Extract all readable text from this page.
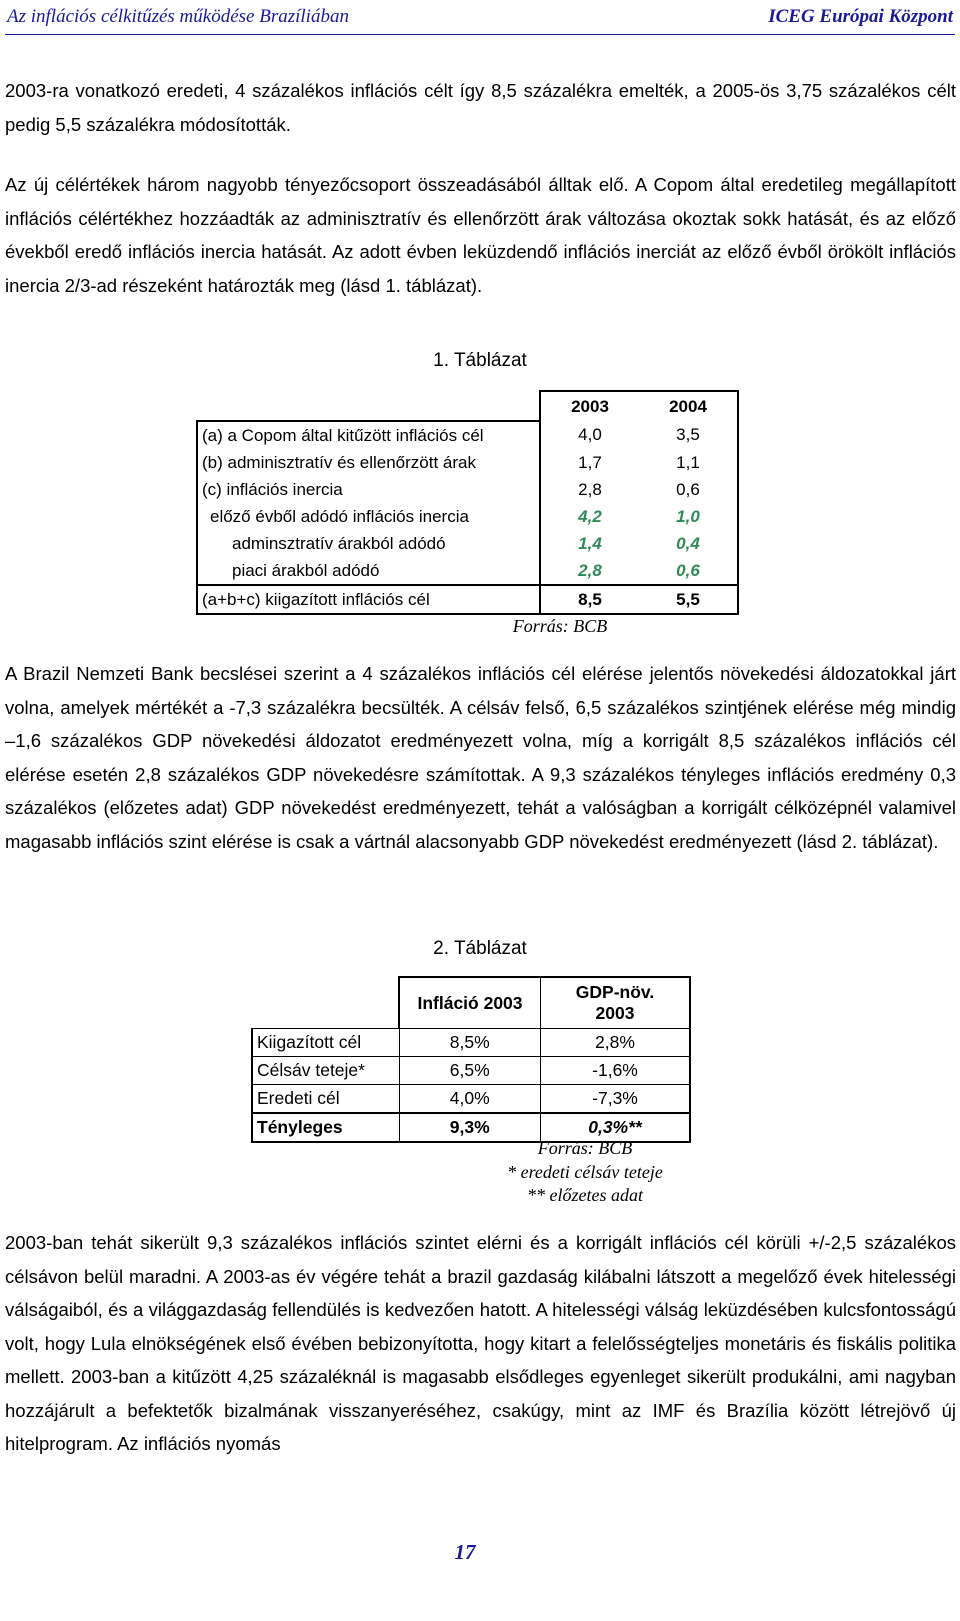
Az inflációs célkitűzés működése Brazíliában	ICEG Európai Központ

2003-ra vonatkozó eredeti, 4 százalékos inflációs célt így 8,5 százalékra emelték, a 2005-ös 3,75 százalékos célt pedig 5,5 százalékra módosították.

Az új célértékek három nagyobb tényezőcsoport összeadásából álltak elő. A Copom által eredetileg megállapított inflációs célértékhez hozzáadták az adminisztratív és ellenőrzött árak változása okoztak sokk hatását, és az előző évekből eredő inflációs inercia hatását. Az adott évben leküzdendő inflációs inerciát az előző évből örökölt inflációs inercia 2/3-ad részeként határozták meg (lásd 1. táblázat).

1. Táblázat
	2003	2004
(a) a Copom által kitűzött inflációs cél	4,0	3,5
(b) adminisztratív és ellenőrzött árak	1,7	1,1
(c) inflációs inercia	2,8	0,6
előző évből adódó inflációs inercia	4,2	1,0
adminsztratív árakból adódó	1,4	0,4
piaci árakból adódó	2,8	0,6
(a+b+c) kiigazított inflációs cél	8,5	5,5
Forrás: BCB

A Brazil Nemzeti Bank becslései szerint a 4 százalékos inflációs cél elérése jelentős növekedési áldozatokkal járt volna, amelyek mértékét a -7,3 százalékra becsülték. A célsáv felső, 6,5 százalékos szintjének elérése még mindig –1,6 százalékos GDP növekedési áldozatot eredményezett volna, míg a korrigált 8,5 százalékos inflációs cél elérése esetén 2,8 százalékos GDP növekedésre számítottak. A 9,3 százalékos tényleges inflációs eredmény 0,3 százalékos (előzetes adat) GDP növekedést eredményezett, tehát a valóságban a korrigált célközépnél valamivel magasabb inflációs szint elérése is csak a vártnál alacsonyabb GDP növekedést eredményezett (lásd 2. táblázat).

2. Táblázat
	Infláció 2003	GDP-növ.
2003

Kiigazított cél	8,5%	2,8%
Célsáv teteje*	6,5%	-1,6%
Eredeti cél	4,0%	-7,3%
Tényleges	9,3%	0,3%**
Forrás: BCB
* eredeti célsáv teteje
** előzetes adat

2003-ban tehát sikerült 9,3 százalékos inflációs szintet elérni és a korrigált inflációs cél körüli +/-2,5 százalékos célsávon belül maradni. A 2003-as év végére tehát a brazil gazdaság kilábalni látszott a megelőző évek hitelességi válságaiból, és a világgazdaság fellendülés is kedvezően hatott. A hitelességi válság leküzdésében kulcsfontosságú volt, hogy Lula elnökségének első évében bebizonyította, hogy kitart a felelősségteljes monetáris és fiskális politika mellett. 2003-ban a kitűzött 4,25 százaléknál is magasabb elsődleges egyenleget sikerült produkálni, ami nagyban hozzájárult a befektetők bizalmának visszanyeréséhez, csakúgy, mint az IMF és Brazília között létrejövő új hitelprogram. Az inflációs nyomás

17
